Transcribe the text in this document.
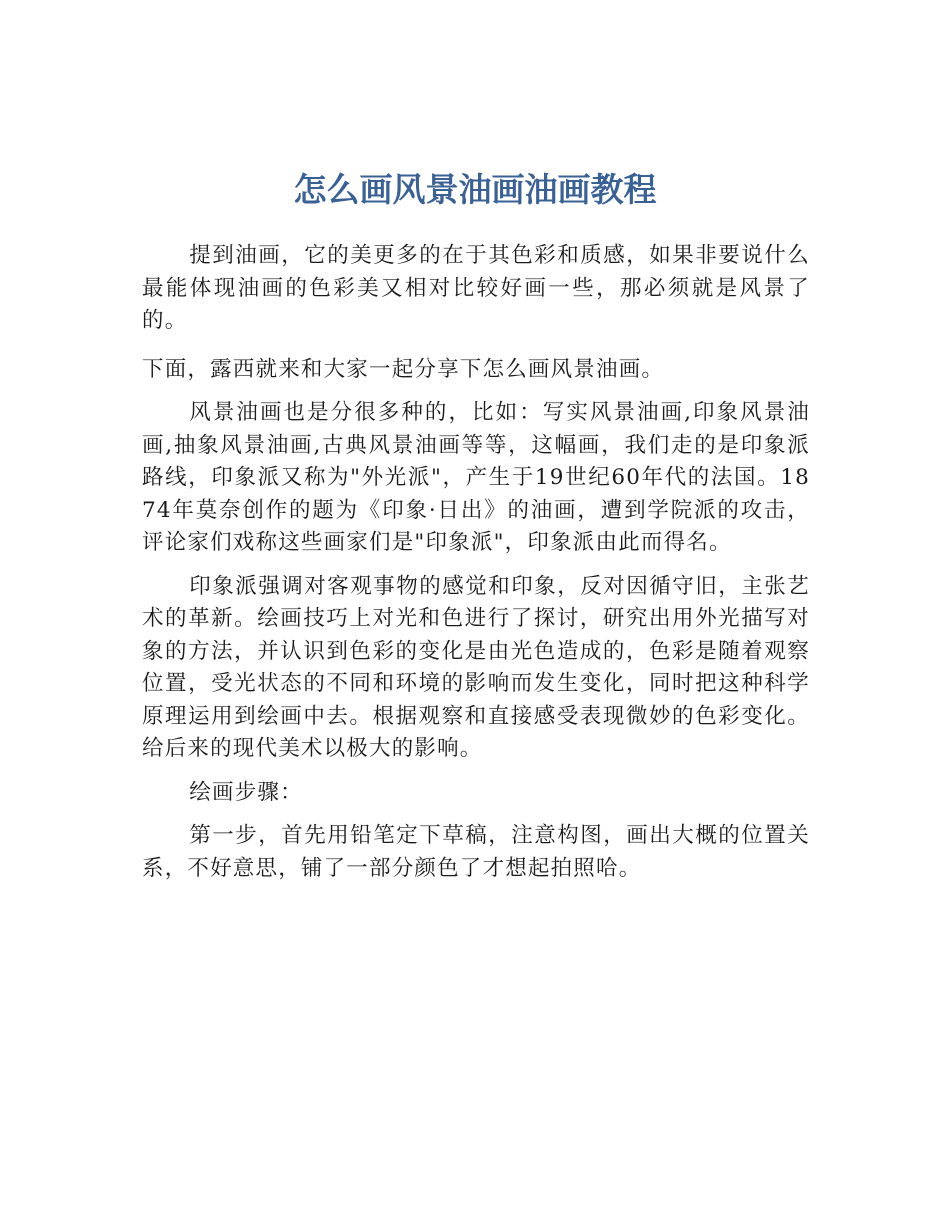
怎么画风景油画油画教程

提到油画，它的美更多的在于其色彩和质感，如果非要说什么最能体现油画的色彩美又相对比较好画一些，那必须就是风景了的。

下面，露西就来和大家一起分享下怎么画风景油画。

风景油画也是分很多种的，比如：写实风景油画,印象风景油画,抽象风景油画,古典风景油画等等，这幅画，我们走的是印象派路线，印象派又称为"外光派"，产生于19世纪60年代的法国。1874年莫奈创作的题为《印象·日出》的油画，遭到学院派的攻击，评论家们戏称这些画家们是"印象派"，印象派由此而得名。

印象派强调对客观事物的感觉和印象，反对因循守旧，主张艺术的革新。绘画技巧上对光和色进行了探讨，研究出用外光描写对象的方法，并认识到色彩的变化是由光色造成的，色彩是随着观察位置，受光状态的不同和环境的影响而发生变化，同时把这种科学原理运用到绘画中去。根据观察和直接感受表现微妙的色彩变化。给后来的现代美术以极大的影响。

绘画步骤：

第一步，首先用铅笔定下草稿，注意构图，画出大概的位置关系，不好意思，铺了一部分颜色了才想起拍照哈。
